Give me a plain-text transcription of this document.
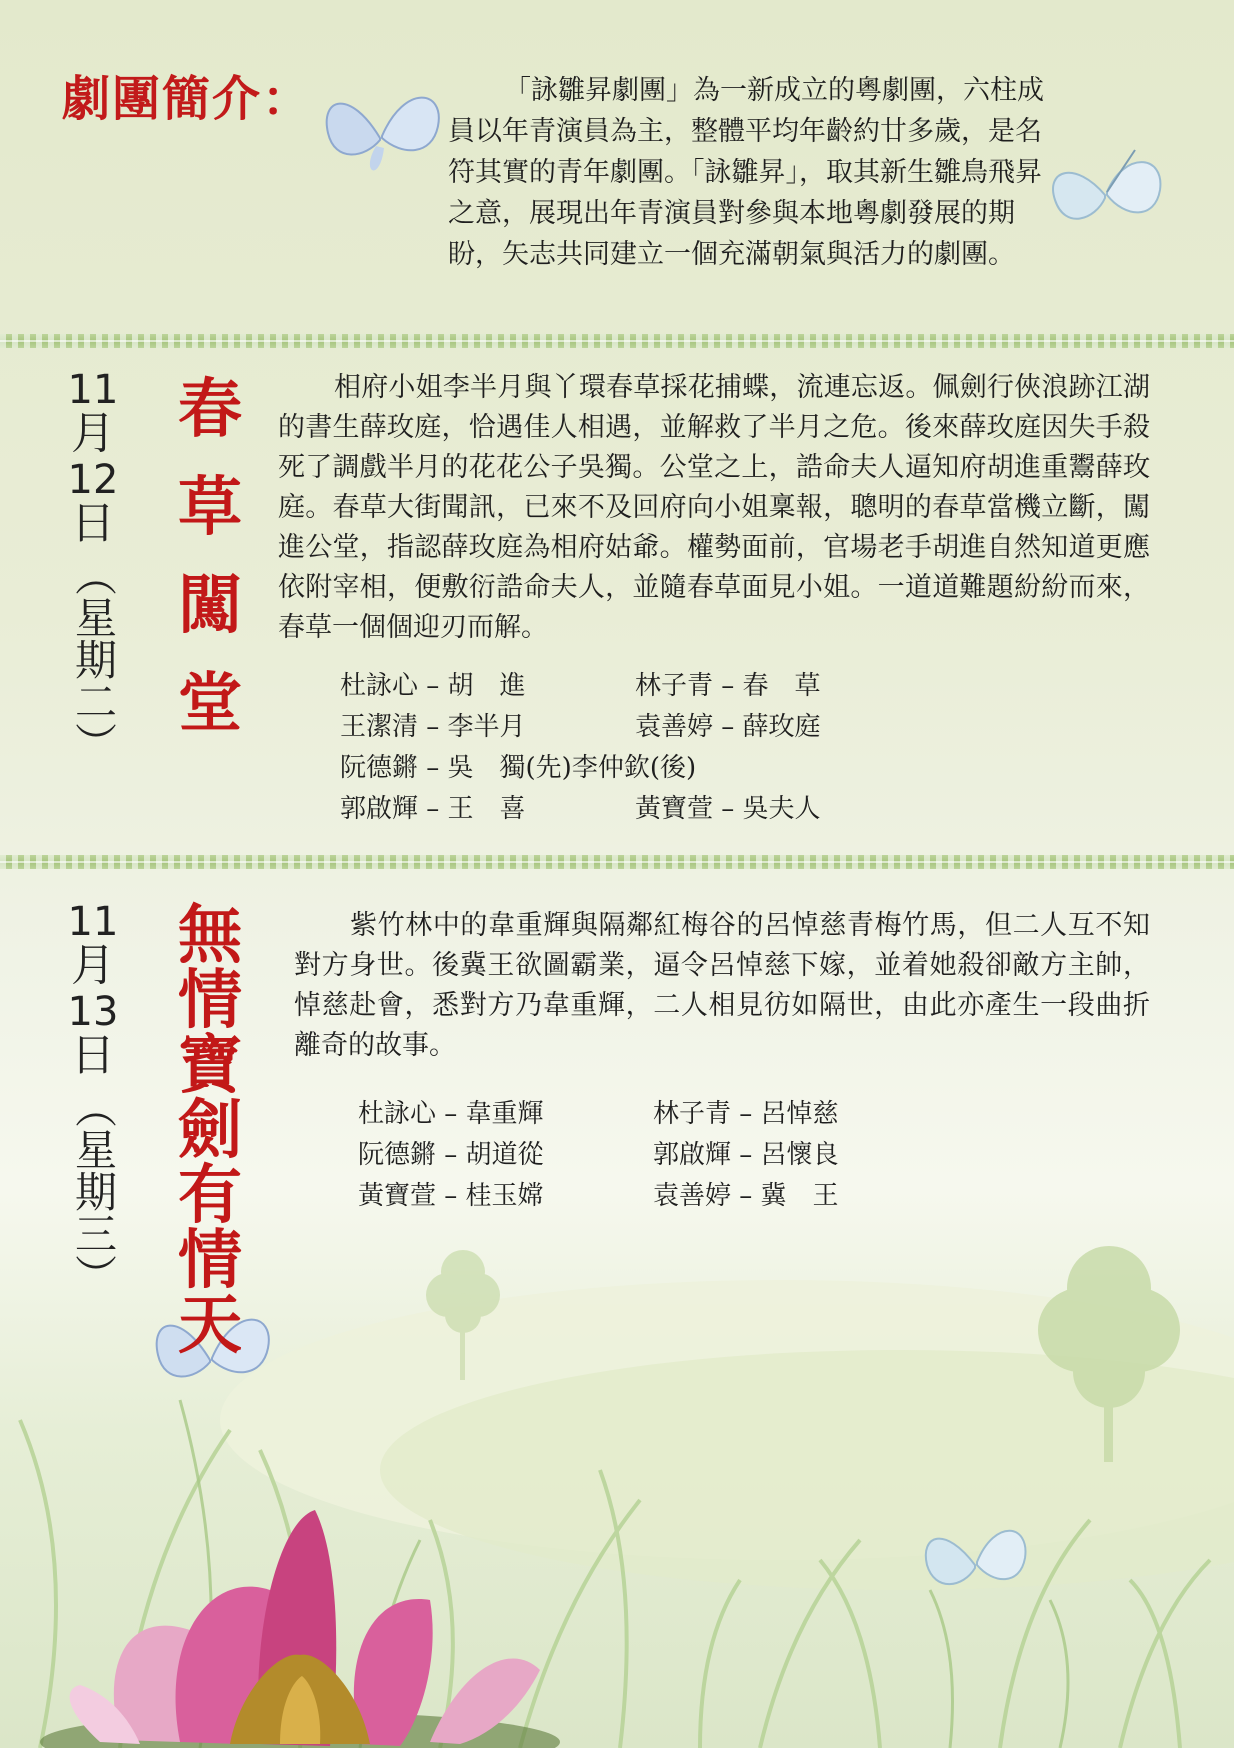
劇團簡介：	「詠雛昇劇團」為一新成立的粵劇團，六柱成員以年青演員為主，整體平均年齡約廿多歲，是名符其實的青年劇團。「詠雛昇」，取其新生雛鳥飛昇之意，展現出年青演員對參與本地粵劇發展的期盼，矢志共同建立一個充滿朝氣與活力的劇團。

11
月
12
日
（星期二）
春
草
闖
堂

相府小姐李半月與丫環春草採花捕蝶，流連忘返。佩劍行俠浪跡江湖的書生薛玫庭，恰遇佳人相遇，並解救了半月之危。後來薛玫庭因失手殺死了調戲半月的花花公子吳獨。公堂之上，誥命夫人逼知府胡進重鬻薛玫庭。春草大街聞訊，已來不及回府向小姐稟報，聰明的春草當機立斷，闖進公堂，指認薛玫庭為相府姑爺。權勢面前，官場老手胡進自然知道更應依附宰相，便敷衍誥命夫人，並隨春草面見小姐。一道道難題紛紛而來，春草一個個迎刃而解。

杜詠心 – 胡　進	林子青 – 春　草
王潔清 – 李半月	袁善婷 – 薛玫庭
阮德鏘 – 吳　獨(先)李仲欽(後)
郭啟輝 – 王　喜	黃寶萱 – 吳夫人
11
月
13
日
（星期三）
無
情
寶
劍
有
情
天

紫竹林中的韋重輝與隔鄰紅梅谷的呂悼慈青梅竹馬，但二人互不知對方身世。後冀王欲圖霸業，逼令呂悼慈下嫁，並着她殺卻敵方主帥，悼慈赴會，悉對方乃韋重輝，二人相見彷如隔世，由此亦產生一段曲折離奇的故事。

杜詠心 – 韋重輝	林子青 – 呂悼慈
阮德鏘 – 胡道從	郭啟輝 – 呂懷良
黃寶萱 – 桂玉嫦	袁善婷 – 冀　王
